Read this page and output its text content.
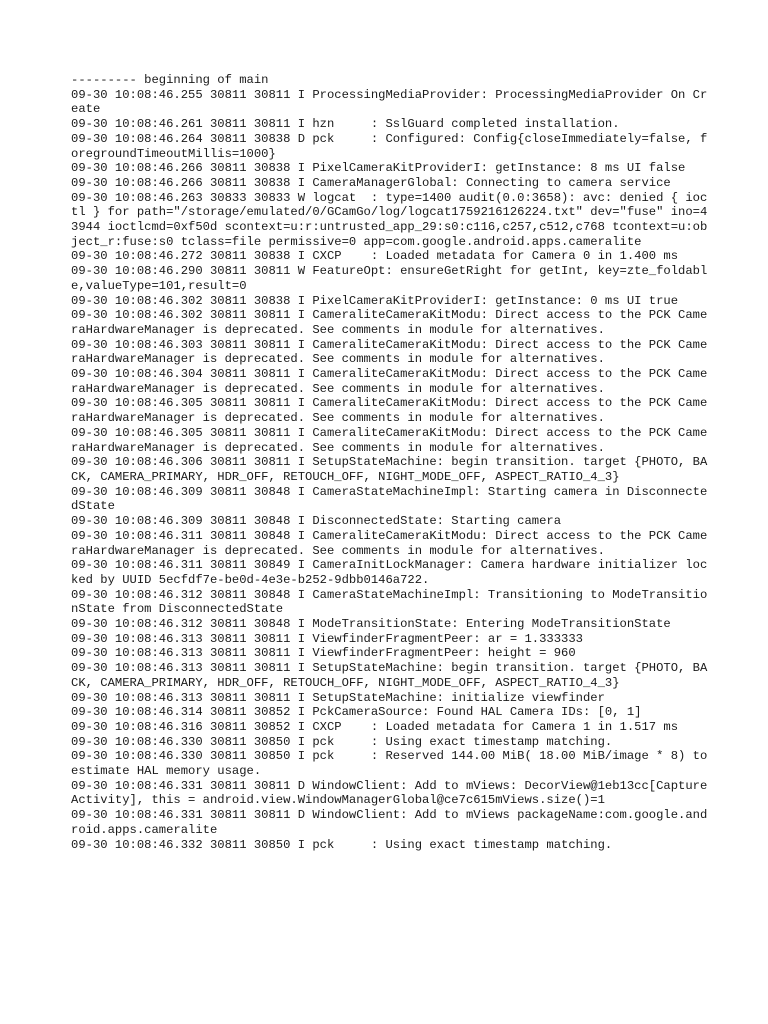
--------- beginning of main

09-30 10:08:46.255 30811 30811 I ProcessingMediaProvider: ProcessingMediaProvider On Create

09-30 10:08:46.261 30811 30811 I hzn     : SslGuard completed installation.

09-30 10:08:46.264 30811 30838 D pck     : Configured: Config{closeImmediately=false, foregroundTimeoutMillis=1000}

09-30 10:08:46.266 30811 30838 I PixelCameraKitProviderI: getInstance: 8 ms UI false

09-30 10:08:46.266 30811 30838 I CameraManagerGlobal: Connecting to camera service

09-30 10:08:46.263 30833 30833 W logcat  : type=1400 audit(0.0:3658): avc: denied { ioctl } for path="/storage/emulated/0/GCamGo/log/logcat1759216126224.txt" dev="fuse" ino=43944 ioctlcmd=0xf50d scontext=u:r:untrusted_app_29:s0:c116,c257,c512,c768 tcontext=u:object_r:fuse:s0 tclass=file permissive=0 app=com.google.android.apps.cameralite

09-30 10:08:46.272 30811 30838 I CXCP    : Loaded metadata for Camera 0 in 1.400 ms

09-30 10:08:46.290 30811 30811 W FeatureOpt: ensureGetRight for getInt, key=zte_foldable,valueType=101,result=0

09-30 10:08:46.302 30811 30838 I PixelCameraKitProviderI: getInstance: 0 ms UI true

09-30 10:08:46.302 30811 30811 I CameraliteCameraKitModu: Direct access to the PCK CameraHardwareManager is deprecated. See comments in module for alternatives.

09-30 10:08:46.303 30811 30811 I CameraliteCameraKitModu: Direct access to the PCK CameraHardwareManager is deprecated. See comments in module for alternatives.

09-30 10:08:46.304 30811 30811 I CameraliteCameraKitModu: Direct access to the PCK CameraHardwareManager is deprecated. See comments in module for alternatives.

09-30 10:08:46.305 30811 30811 I CameraliteCameraKitModu: Direct access to the PCK CameraHardwareManager is deprecated. See comments in module for alternatives.

09-30 10:08:46.305 30811 30811 I CameraliteCameraKitModu: Direct access to the PCK CameraHardwareManager is deprecated. See comments in module for alternatives.

09-30 10:08:46.306 30811 30811 I SetupStateMachine: begin transition. target {PHOTO, BACK, CAMERA_PRIMARY, HDR_OFF, RETOUCH_OFF, NIGHT_MODE_OFF, ASPECT_RATIO_4_3}

09-30 10:08:46.309 30811 30848 I CameraStateMachineImpl: Starting camera in DisconnectedState

09-30 10:08:46.309 30811 30848 I DisconnectedState: Starting camera

09-30 10:08:46.311 30811 30848 I CameraliteCameraKitModu: Direct access to the PCK CameraHardwareManager is deprecated. See comments in module for alternatives.

09-30 10:08:46.311 30811 30849 I CameraInitLockManager: Camera hardware initializer locked by UUID 5ecfdf7e-be0d-4e3e-b252-9dbb0146a722.

09-30 10:08:46.312 30811 30848 I CameraStateMachineImpl: Transitioning to ModeTransitionState from DisconnectedState

09-30 10:08:46.312 30811 30848 I ModeTransitionState: Entering ModeTransitionState

09-30 10:08:46.313 30811 30811 I ViewfinderFragmentPeer: ar = 1.333333

09-30 10:08:46.313 30811 30811 I ViewfinderFragmentPeer: height = 960

09-30 10:08:46.313 30811 30811 I SetupStateMachine: begin transition. target {PHOTO, BACK, CAMERA_PRIMARY, HDR_OFF, RETOUCH_OFF, NIGHT_MODE_OFF, ASPECT_RATIO_4_3}

09-30 10:08:46.313 30811 30811 I SetupStateMachine: initialize viewfinder

09-30 10:08:46.314 30811 30852 I PckCameraSource: Found HAL Camera IDs: [0, 1]

09-30 10:08:46.316 30811 30852 I CXCP    : Loaded metadata for Camera 1 in 1.517 ms

09-30 10:08:46.330 30811 30850 I pck     : Using exact timestamp matching.

09-30 10:08:46.330 30811 30850 I pck     : Reserved 144.00 MiB( 18.00 MiB/image * 8) to estimate HAL memory usage.

09-30 10:08:46.331 30811 30811 D WindowClient: Add to mViews: DecorView@1eb13cc[CaptureActivity], this = android.view.WindowManagerGlobal@ce7c615mViews.size()=1

09-30 10:08:46.331 30811 30811 D WindowClient: Add to mViews packageName:com.google.android.apps.cameralite

09-30 10:08:46.332 30811 30850 I pck     : Using exact timestamp matching.
